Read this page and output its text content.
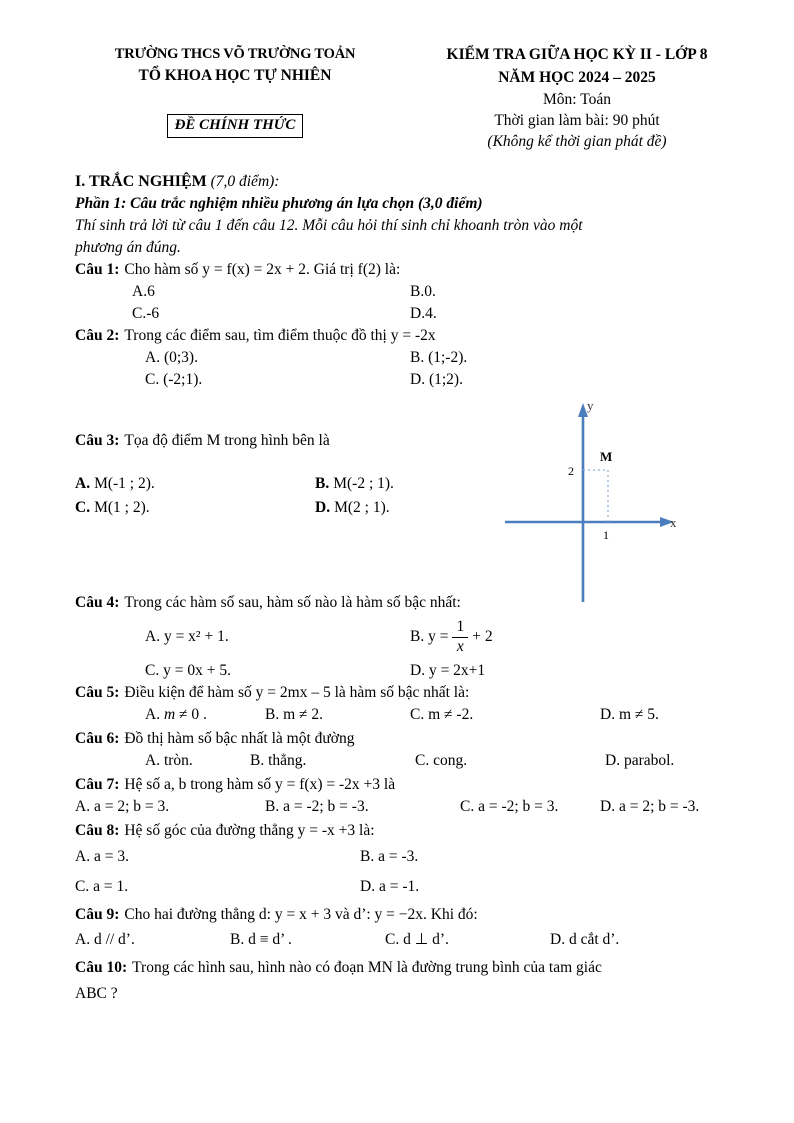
TRƯỜNG THCS VÕ TRƯỜNG TOẢN
TỔ KHOA HỌC TỰ NHIÊN
ĐỀ CHÍNH THỨC
KIỂM TRA GIỮA HỌC KỲ II - LỚP 8
NĂM HỌC 2024 – 2025
Môn: Toán
Thời gian làm bài: 90 phút
(Không kể thời gian phát đề)
I. TRẮC NGHIỆM (7,0 điểm):
Phần 1: Câu trắc nghiệm nhiều phương án lựa chọn (3,0 điểm)
Thí sinh trả lời từ câu 1 đến câu 12. Mỗi câu hỏi thí sinh chỉ khoanh tròn vào một
phương án đúng.
Câu 1: Cho hàm số y = f(x) = 2x + 2. Giá trị f(2) là:
A.6	B.0.
C.-6	D.4.
Câu 2: Trong các điểm sau, tìm điểm thuộc đồ thị y = -2x
A. (0;3).	B. (1;-2).
C. (-2;1).	D. (1;2).
Câu 3: Tọa độ điểm M trong hình bên là
A. M(-1 ; 2).	B. M(-2 ; 1).
C. M(1 ; 2).	D. M(2 ; 1).
Câu 4: Trong các hàm số sau, hàm số nào là hàm số bậc nhất:
A. y = x² + 1.	B. $y = \frac{1}{x} + 2$
C. y = 0x + 5.	D. y = 2x+1
Câu 5: Điều kiện để hàm số y = 2mx – 5 là hàm số bậc nhất là:
A. m ≠ 0 .	B. m ≠ 2.	C. m ≠ -2.	D. m ≠ 5.
Câu 6: Đồ thị hàm số bậc nhất là một đường
A. tròn.	B. thẳng.	C. cong.	D. parabol.
Câu 7: Hệ số a, b trong hàm số y = f(x) = -2x +3 là
A. a = 2; b = 3.	B. a = -2; b = -3.	C. a = -2; b = 3.	D. a = 2; b = -3.
Câu 8: Hệ số góc của đường thẳng y = -x +3 là:
A. a = 3.	B. a = -3.
C. a = 1.	D. a = -1.
Câu 9: Cho hai đường thẳng d: y = x + 3 và d’: y = −2x. Khi đó:
A. d // d’.	B. d ≡ d’ .	C. d ⊥ d’.	D. d cắt d’.
Câu 10: Trong các hình sau, hình nào có đoạn MN là đường trung bình của tam giác
ABC ?
y
x
M
2
1
